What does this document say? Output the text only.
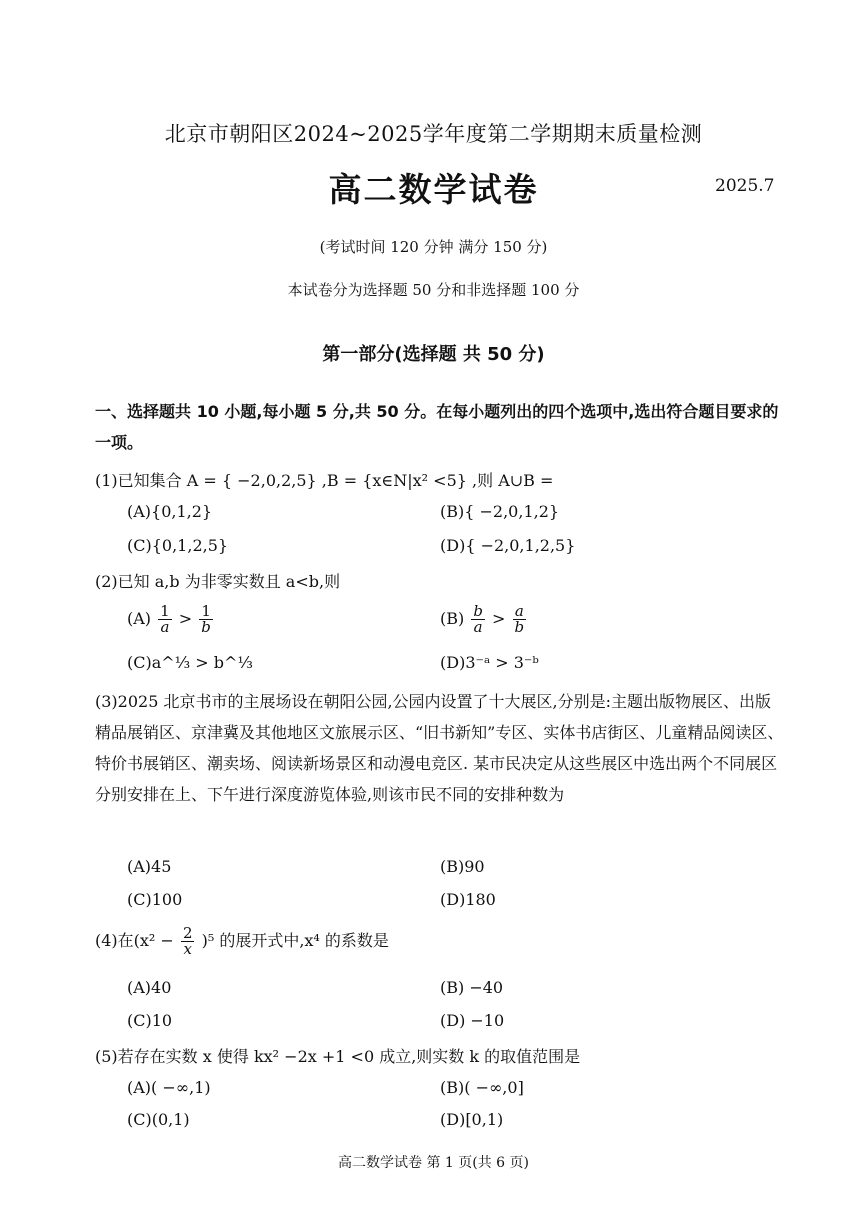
北京市朝阳区2024~2025学年度第二学期期末质量检测
高二数学试卷	2025.7
(考试时间 120 分钟 满分 150 分)
本试卷分为选择题 50 分和非选择题 100 分
第一部分(选择题 共 50 分)
一、选择题共 10 小题,每小题 5 分,共 50 分。在每小题列出的四个选项中,选出符合题目要求的一项。
(1)已知集合 A = { −2,0,2,5} ,B = {x∈N|x² <5} ,则 A∪B =
(A){0,1,2}	(B){ −2,0,1,2}
(C){0,1,2,5}	(D){ −2,0,1,2,5}
(2)已知 a,b 为非零实数且 a<b,则
$(A) \frac{1}{a} > \frac{1}{b}$	$(B) \frac{b}{a} > \frac{a}{b}$
(C)a^⅓ > b^⅓	(D)3⁻ᵃ > 3⁻ᵇ
(3)2025 北京书市的主展场设在朝阳公园,公园内设置了十大展区,分别是:主题出版物展区、出版精品展销区、京津冀及其他地区文旅展示区、“旧书新知”专区、实体书店街区、儿童精品阅读区、特价书展销区、潮卖场、阅读新场景区和动漫电竞区. 某市民决定从这些展区中选出两个不同展区分别安排在上、下午进行深度游览体验,则该市民不同的安排种数为
(A)45	(B)90
(C)100	(D)180
(4)在$(x^2 - \frac{2}{x} )^5$ 的展开式中,x⁴ 的系数是
(A)40	(B) −40
(C)10	(D) −10
(5)若存在实数 x 使得 kx² −2x +1 <0 成立,则实数 k 的取值范围是
(A)( −∞,1)	(B)( −∞,0]
(C)(0,1)	(D)[0,1)
高二数学试卷 第 1 页(共 6 页)
